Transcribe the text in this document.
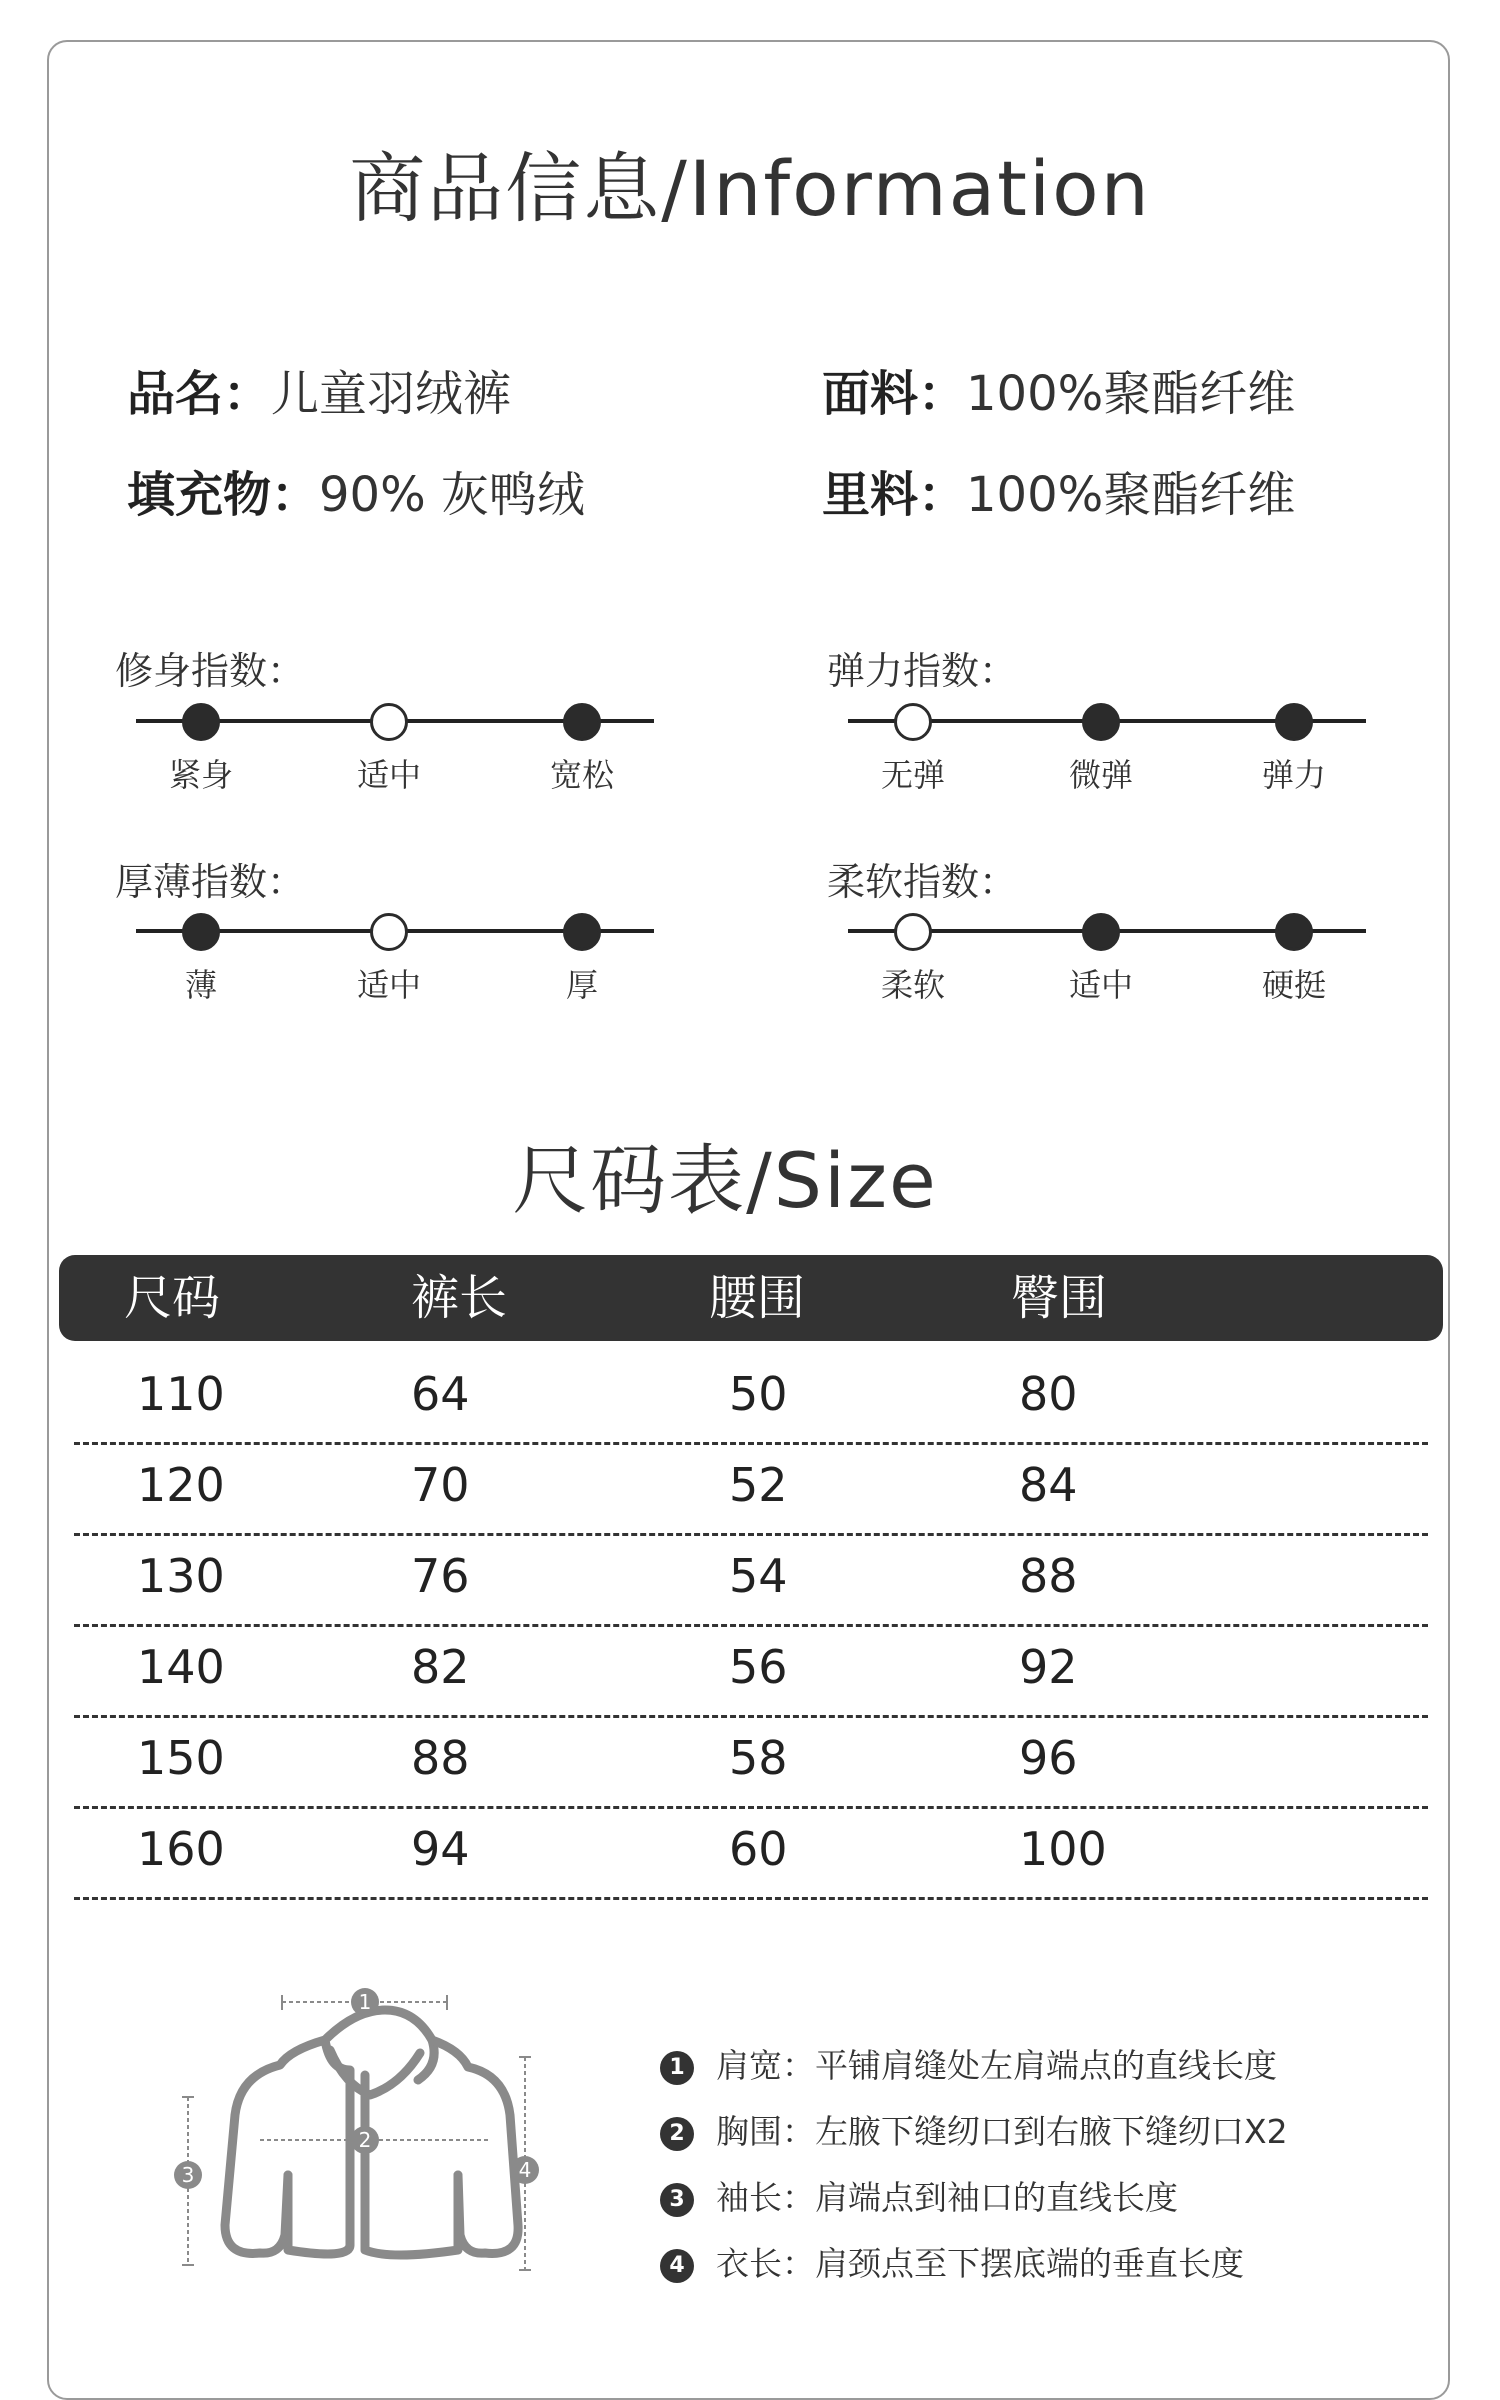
商品信息/Information
品名：儿童羽绒裤	面料：100%聚酯纤维
填充物：90% 灰鸭绒	里料：100%聚酯纤维
修身指数：
紧身	适中	宽松
弹力指数：
无弹	微弹	弹力
厚薄指数：
薄	适中	厚
柔软指数：
柔软	适中	硬挺
尺码表/Size
尺码	裤长	腰围	臀围
110	64	50	80
120	70	52	84
130	76	54	88
140	82	56	92
150	88	58	96
160	94	60	100
1
2
3	4
1 肩宽：平铺肩缝处左肩端点的直线长度
2 胸围：左腋下缝纫口到右腋下缝纫口X2
3 袖长：肩端点到袖口的直线长度
4 衣长：肩颈点至下摆底端的垂直长度
